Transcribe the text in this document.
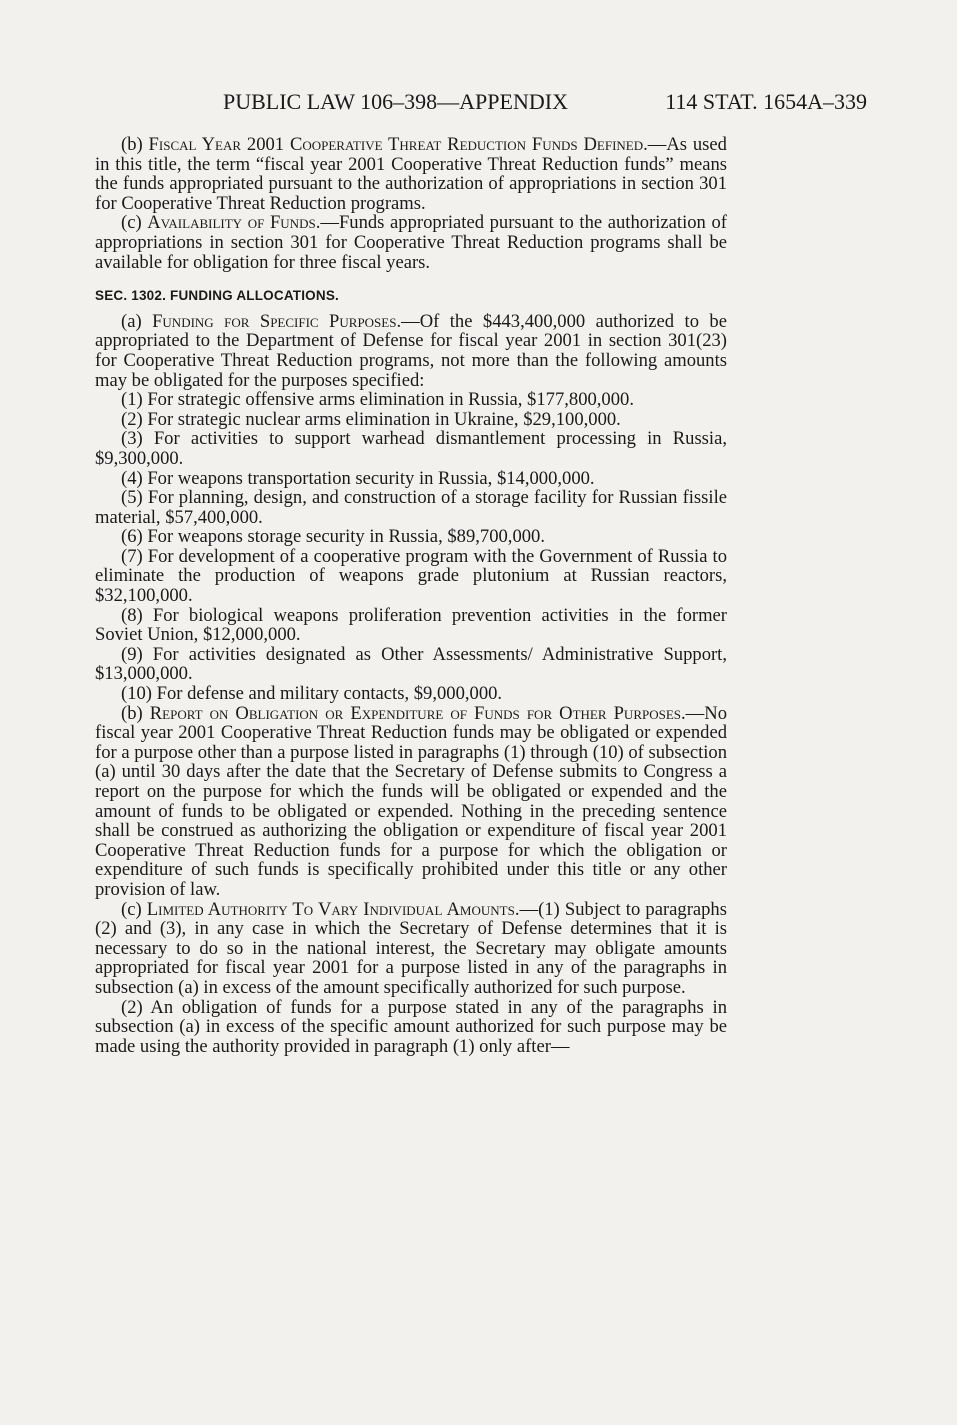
PUBLIC LAW 106–398—APPENDIX	114 STAT. 1654A–339

(b) Fiscal Year 2001 Cooperative Threat Reduction Funds Defined.—As used in this title, the term “fiscal year 2001 Cooperative Threat Reduction funds” means the funds appropriated pursuant to the authorization of appropriations in section 301 for Cooperative Threat Reduction programs.

(c) Availability of Funds.—Funds appropriated pursuant to the authorization of appropriations in section 301 for Cooperative Threat Reduction programs shall be available for obligation for three fiscal years.

SEC. 1302. FUNDING ALLOCATIONS.

(a) Funding for Specific Purposes.—Of the $443,400,000 authorized to be appropriated to the Department of Defense for fiscal year 2001 in section 301(23) for Cooperative Threat Reduction programs, not more than the following amounts may be obligated for the purposes specified:

(1) For strategic offensive arms elimination in Russia, $177,800,000.

(2) For strategic nuclear arms elimination in Ukraine, $29,100,000.

(3) For activities to support warhead dismantlement processing in Russia, $9,300,000.

(4) For weapons transportation security in Russia, $14,000,000.

(5) For planning, design, and construction of a storage facility for Russian fissile material, $57,400,000.

(6) For weapons storage security in Russia, $89,700,000.

(7) For development of a cooperative program with the Government of Russia to eliminate the production of weapons grade plutonium at Russian reactors, $32,100,000.

(8) For biological weapons proliferation prevention activities in the former Soviet Union, $12,000,000.

(9) For activities designated as Other Assessments/ Administrative Support, $13,000,000.

(10) For defense and military contacts, $9,000,000.

(b) Report on Obligation or Expenditure of Funds for Other Purposes.—No fiscal year 2001 Cooperative Threat Reduction funds may be obligated or expended for a purpose other than a purpose listed in paragraphs (1) through (10) of subsection (a) until 30 days after the date that the Secretary of Defense submits to Congress a report on the purpose for which the funds will be obligated or expended and the amount of funds to be obligated or expended. Nothing in the preceding sentence shall be construed as authorizing the obligation or expenditure of fiscal year 2001 Cooperative Threat Reduction funds for a purpose for which the obligation or expenditure of such funds is specifically prohibited under this title or any other provision of law.

(c) Limited Authority To Vary Individual Amounts.—(1) Subject to paragraphs (2) and (3), in any case in which the Secretary of Defense determines that it is necessary to do so in the national interest, the Secretary may obligate amounts appropriated for fiscal year 2001 for a purpose listed in any of the paragraphs in subsection (a) in excess of the amount specifically authorized for such purpose.

(2) An obligation of funds for a purpose stated in any of the paragraphs in subsection (a) in excess of the specific amount authorized for such purpose may be made using the authority provided in paragraph (1) only after—
